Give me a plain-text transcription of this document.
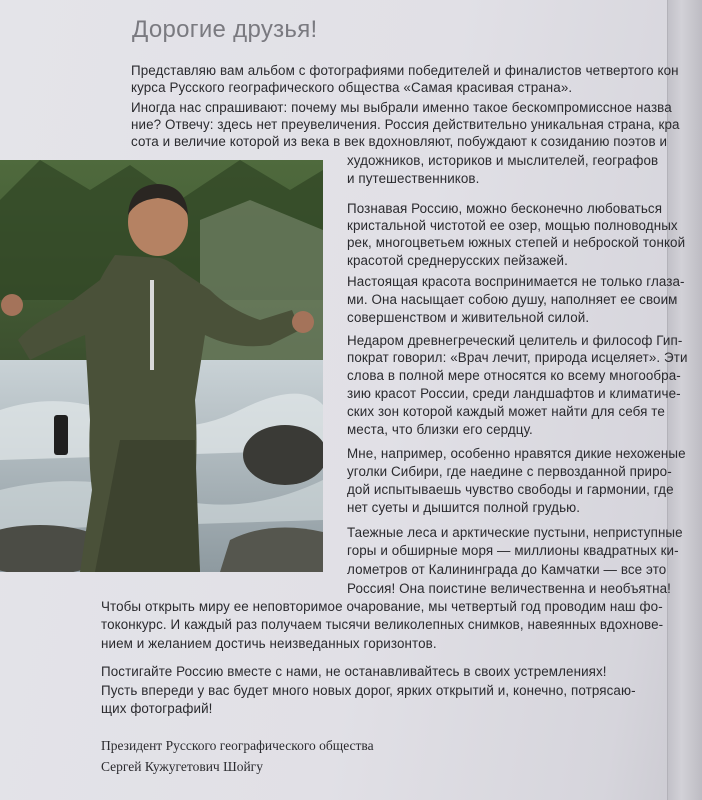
Дорогие друзья!
Представляю вам альбом с фотографиями победителей и финалистов четвертого кон
курса Русского географического общества «Самая красивая страна».
Иногда нас спрашивают: почему мы выбрали именно такое бескомпромиссное назва
ние? Отвечу: здесь нет преувеличения. Россия действительно уникальная страна, кра
сота и величие которой из века в век вдохновляют, побуждают к созиданию поэтов и
художников, историков и мыслителей, географов
и путешественников.
Познавая Россию, можно бесконечно любоваться
кристальной чистотой ее озер, мощью полноводных
рек, многоцветьем южных степей и неброской тонкой
красотой среднерусских пейзажей.
Настоящая красота воспринимается не только глаза-
ми. Она насыщает собою душу, наполняет ее своим
совершенством и живительной силой.
Недаром древнегреческий целитель и философ Гип-
пократ говорил: «Врач лечит, природа исцеляет». Эти
слова в полной мере относятся ко всему многообра-
зию красот России, среди ландшафтов и климатиче-
ских зон которой каждый может найти для себя те
места, что близки его сердцу.
Мне, например, особенно нравятся дикие нехоженые
уголки Сибири, где наедине с первозданной приро-
дой испытываешь чувство свободы и гармонии, где
нет суеты и дышится полной грудью.
Таежные леса и арктические пустыни, неприступные
горы и обширные моря — миллионы квадратных ки-
лометров от Калининграда до Камчатки — все это
Россия! Она поистине величественна и необъятна!
Чтобы открыть миру ее неповторимое очарование, мы четвертый год проводим наш фо-
токонкурс. И каждый раз получаем тысячи великолепных снимков, навеянных вдохнове-
нием и желанием достичь неизведанных горизонтов.
Постигайте Россию вместе с нами, не останавливайтесь в своих устремлениях!
Пусть впереди у вас будет много новых дорог, ярких открытий и, конечно, потрясаю-
щих фотографий!
Президент Русского географического общества
Сергей Кужугетович Шойгу
